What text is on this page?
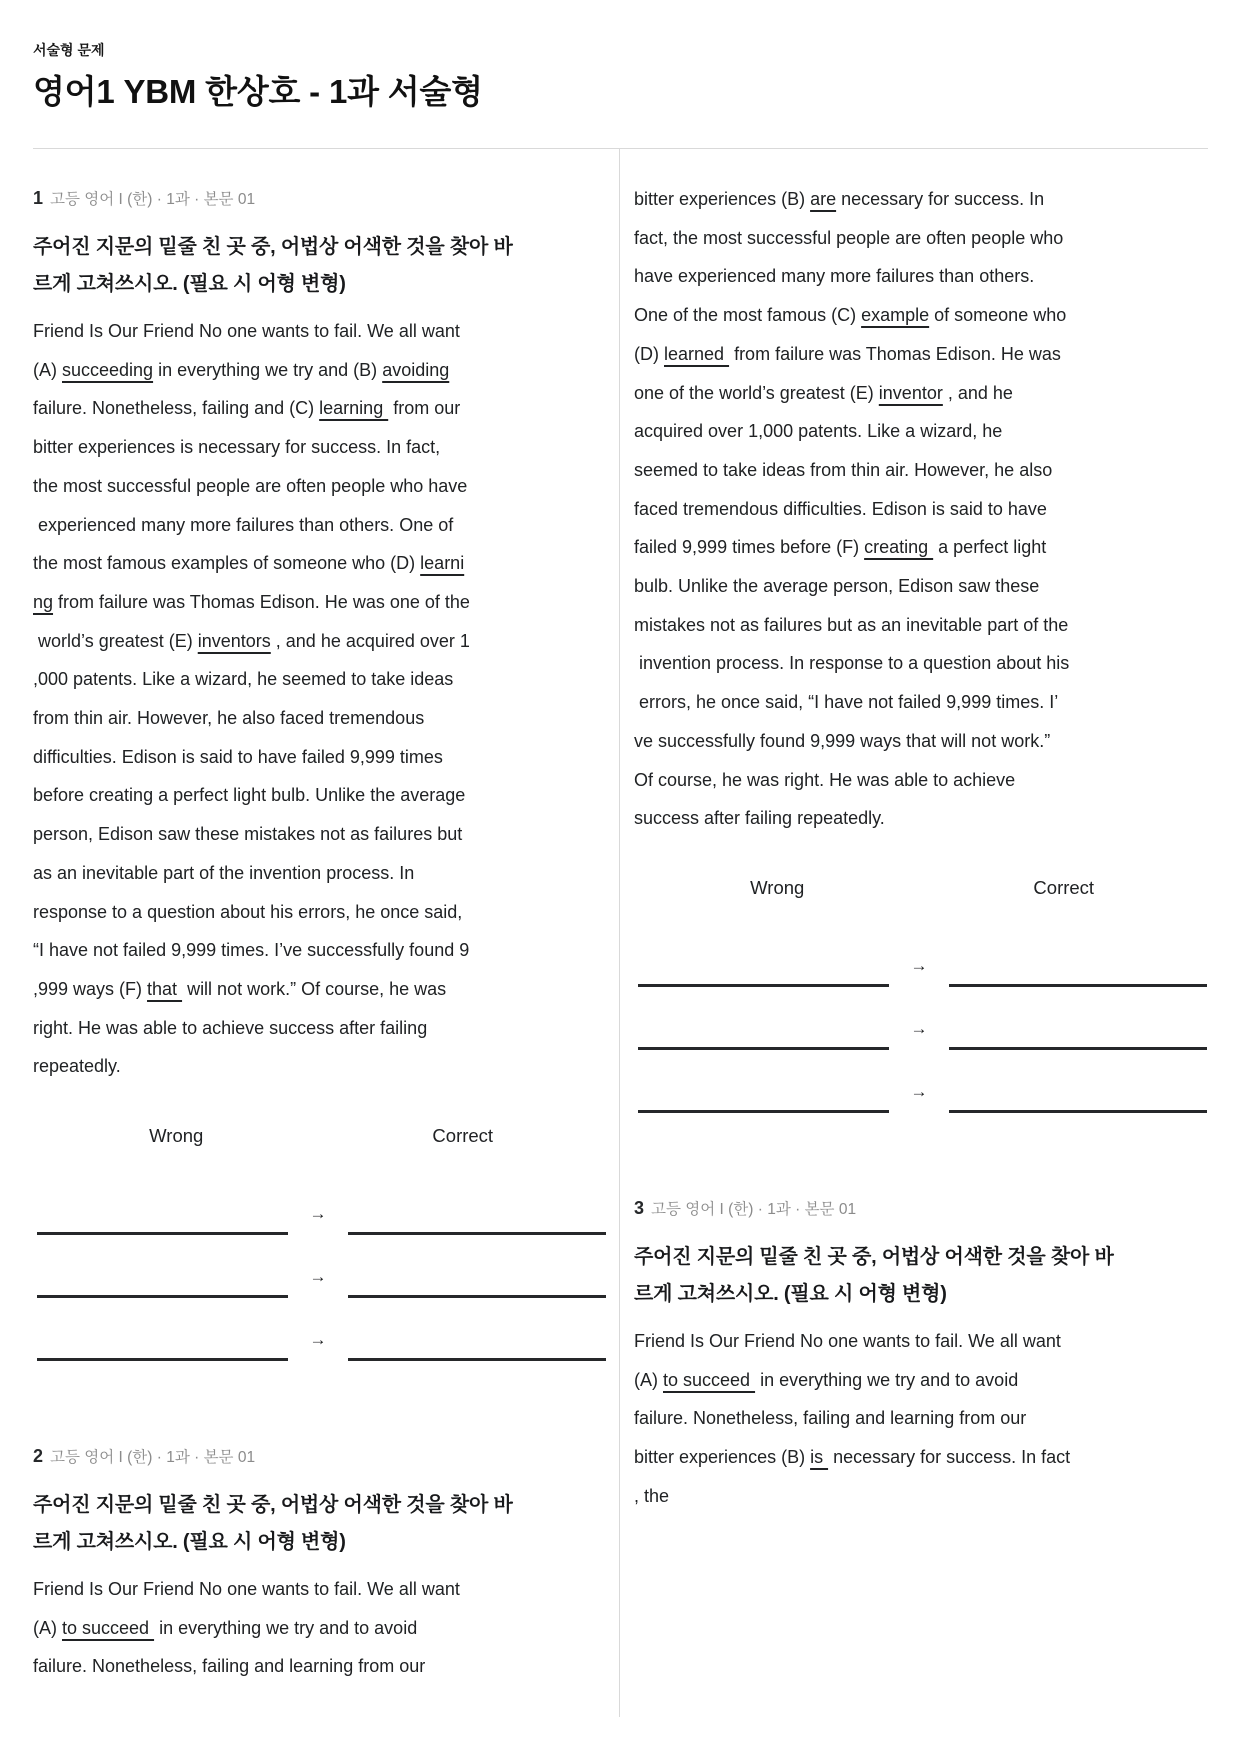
서술형 문제
영어1 YBM 한상호 - 1과 서술형
1 고등 영어 I (한) · 1과 · 본문 01
주어진 지문의 밑줄 친 곳 중, 어법상 어색한 것을 찾아 바
르게 고쳐쓰시오. (필요 시 어형 변형)
Friend Is Our Friend No one wants to fail. We all want
(A) succeeding in everything we try and (B) avoiding
failure. Nonetheless, failing and (C) learning  from our
bitter experiences is necessary for success. In fact,
the most successful people are often people who have
experienced many more failures than others. One of
the most famous examples of someone who (D) learni
ng from failure was Thomas Edison. He was one of the
world’s greatest (E) inventors , and he acquired over 1
,000 patents. Like a wizard, he seemed to take ideas
from thin air. However, he also faced tremendous
difficulties. Edison is said to have failed 9,999 times
before creating a perfect light bulb. Unlike the average
person, Edison saw these mistakes not as failures but
as an inevitable part of the invention process. In
response to a question about his errors, he once said,
“I have not failed 9,999 times. I’ve successfully found 9
,999 ways (F) that  will not work.” Of course, he was
right. He was able to achieve success after failing
repeatedly.
Wrong	Correct
→
→
→
2 고등 영어 I (한) · 1과 · 본문 01
주어진 지문의 밑줄 친 곳 중, 어법상 어색한 것을 찾아 바
르게 고쳐쓰시오. (필요 시 어형 변형)
Friend Is Our Friend No one wants to fail. We all want
(A) to succeed  in everything we try and to avoid
failure. Nonetheless, failing and learning from our
bitter experiences (B) are necessary for success. In
fact, the most successful people are often people who
have experienced many more failures than others.
One of the most famous (C) example of someone who
(D) learned  from failure was Thomas Edison. He was
one of the world’s greatest (E) inventor , and he
acquired over 1,000 patents. Like a wizard, he
seemed to take ideas from thin air. However, he also
faced tremendous difficulties. Edison is said to have
failed 9,999 times before (F) creating  a perfect light
bulb. Unlike the average person, Edison saw these
mistakes not as failures but as an inevitable part of the
invention process. In response to a question about his
errors, he once said, “I have not failed 9,999 times. I’
ve successfully found 9,999 ways that will not work.”
Of course, he was right. He was able to achieve
success after failing repeatedly.
Wrong	Correct
→
→
→
3 고등 영어 I (한) · 1과 · 본문 01
주어진 지문의 밑줄 친 곳 중, 어법상 어색한 것을 찾아 바
르게 고쳐쓰시오. (필요 시 어형 변형)
Friend Is Our Friend No one wants to fail. We all want
(A) to succeed  in everything we try and to avoid
failure. Nonetheless, failing and learning from our
bitter experiences (B) is  necessary for success. In fact
, the
